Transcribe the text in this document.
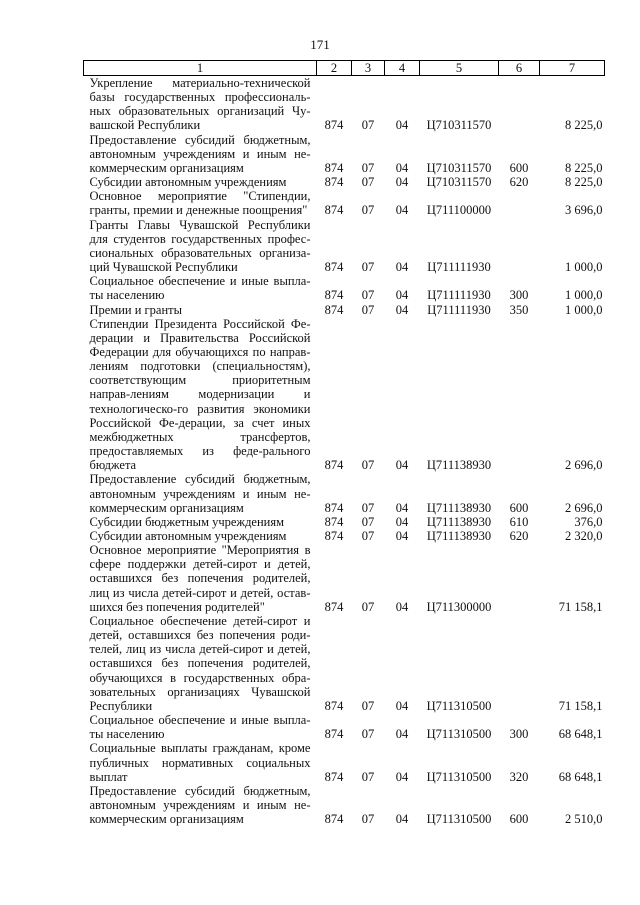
171
1	2	3	4	5	6	7
Укрепление материально-технической базы государственных профессиональ-ных образовательных организаций Чу-вашской Республики	874	07	04	Ц710311570		8 225,0
Предоставление субсидий бюджетным, автономным учреждениям и иным не-коммерческим организациям	874	07	04	Ц710311570	600	8 225,0
Субсидии автономным учреждениям	874	07	04	Ц710311570	620	8 225,0
Основное мероприятие "Стипендии, гранты, премии и денежные поощрения"	874	07	04	Ц711100000		3 696,0
Гранты Главы Чувашской Республики для студентов государственных профес-сиональных образовательных организа-ций Чувашской Республики	874	07	04	Ц711111930		1 000,0
Социальное обеспечение и иные выпла-ты населению	874	07	04	Ц711111930	300	1 000,0
Премии и гранты	874	07	04	Ц711111930	350	1 000,0
Стипендии Президента Российской Фе-дерации и Правительства Российской Федерации для обучающихся по направ-лениям подготовки (специальностям), соответствующим приоритетным направ-лениям модернизации и технологическо-го развития экономики Российской Фе-дерации, за счет иных межбюджетных трансфертов, предоставляемых из феде-рального бюджета	874	07	04	Ц711138930		2 696,0
Предоставление субсидий бюджетным, автономным учреждениям и иным не-коммерческим организациям	874	07	04	Ц711138930	600	2 696,0
Субсидии бюджетным учреждениям	874	07	04	Ц711138930	610	376,0
Субсидии автономным учреждениям	874	07	04	Ц711138930	620	2 320,0
Основное мероприятие "Мероприятия в сфере поддержки детей-сирот и детей, оставшихся без попечения родителей, лиц из числа детей-сирот и детей, остав-шихся без попечения родителей"	874	07	04	Ц711300000		71 158,1
Социальное обеспечение детей-сирот и детей, оставшихся без попечения роди-телей, лиц из числа детей-сирот и детей, оставшихся без попечения родителей, обучающихся в государственных обра-зовательных организациях Чувашской Республики	874	07	04	Ц711310500		71 158,1
Социальное обеспечение и иные выпла-ты населению	874	07	04	Ц711310500	300	68 648,1
Социальные выплаты гражданам, кроме публичных нормативных социальных выплат	874	07	04	Ц711310500	320	68 648,1
Предоставление субсидий бюджетным, автономным учреждениям и иным не-коммерческим организациям	874	07	04	Ц711310500	600	2 510,0
